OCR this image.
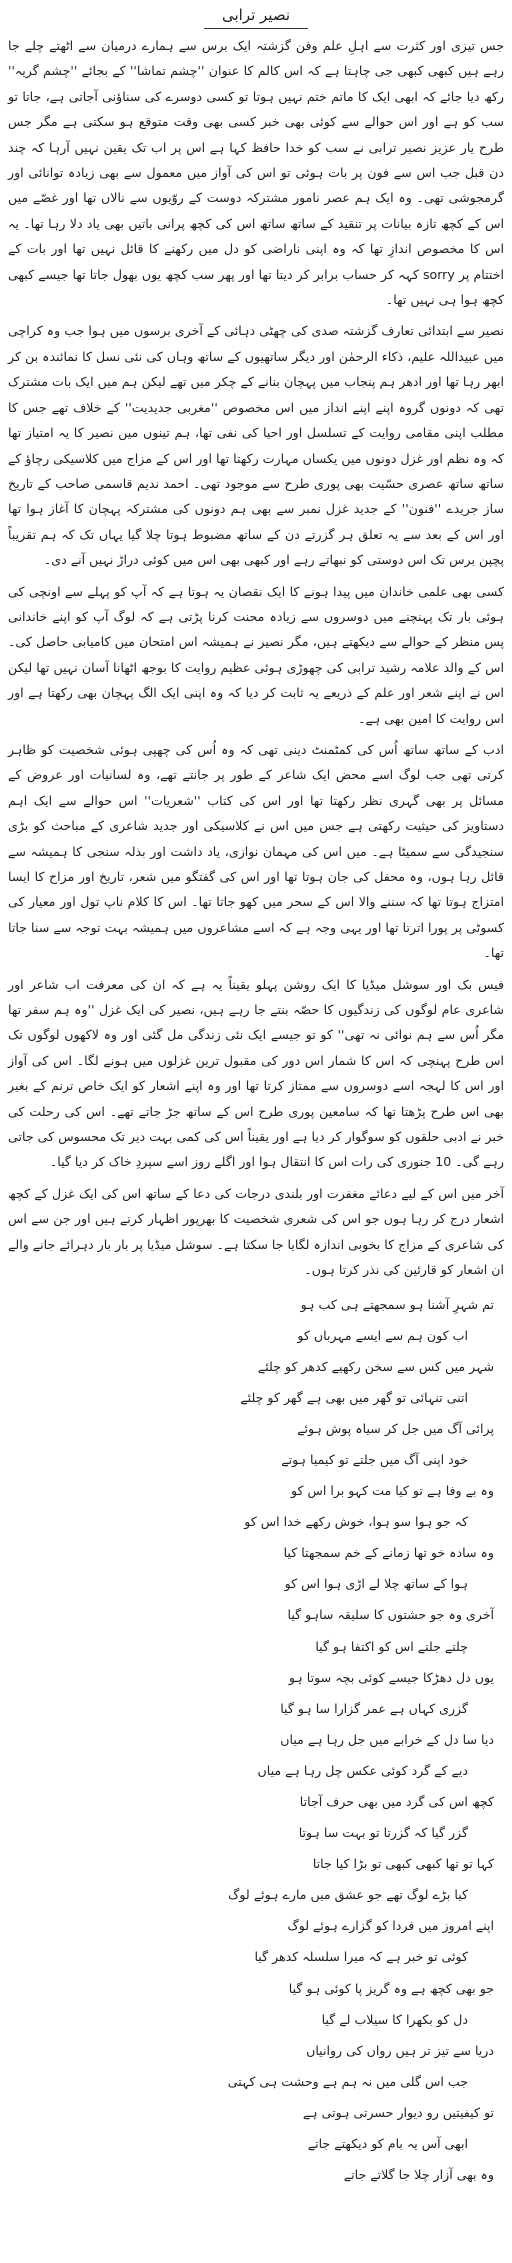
نصیر ترابی

جس تیزی اور کثرت سے اہلِ علم وفن گزشتہ ایک برس سے ہمارے درمیان سے اٹھتے چلے جا رہے ہیں کبھی کبھی جی چاہتا ہے کہ اس کالم کا عنوان ''چشم تماشا'' کے بجائے ''چشم گریہ'' رکھ دیا جائے کہ ابھی ایک کا ماتم ختم نہیں ہوتا تو کسی دوسرے کی سناؤنی آجاتی ہے، جاتا تو سب کو ہے اور اس حوالے سے کوئی بھی خبر کسی بھی وقت متوقع ہو سکتی ہے مگر جس طرح یار عزیز نصیر ترابی نے سب کو خدا حافظ کہا ہے اس پر اب تک یقین نہیں آرہا کہ چند دن قبل جب اس سے فون پر بات ہوئی تو اس کی آواز میں معمول سے بھی زیادہ توانائی اور گرمجوشی تھی۔ وہ ایک ہم عصر نامور مشترکہ دوست کے روّیوں سے نالاں تھا اور غصّے میں اس کے کچھ تازہ بیانات پر تنقید کے ساتھ ساتھ اس کی کچھ پرانی باتیں بھی یاد دلا رہا تھا۔ یہ اس کا مخصوص اندازِ تھا کہ وہ اپنی ناراضی کو دل میں رکھنے کا قائل نہیں تھا اور بات کے اختتام پر sorry کہہ کر حساب برابر کر دیتا تھا اور پھر سب کچھ یوں بھول جاتا تھا جیسے کبھی کچھ ہوا ہی نہیں تھا۔

نصیر سے ابتدائی تعارف گزشتہ صدی کی چھٹی دہائی کے آخری برسوں میں ہوا جب وہ کراچی میں عبیداللہ علیم، ذکاء الرحمٰن اور دیگر ساتھیوں کے ساتھ وہاں کی نئی نسل کا نمائندہ بن کر ابھر رہا تھا اور ادھر ہم پنجاب میں پہچان بنانے کے چکر میں تھے لیکن ہم میں ایک بات مشترک تھی کہ دونوں گروہ اپنے اپنے انداز میں اس مخصوص ''مغربی جدیدیت'' کے خلاف تھے جس کا مطلب اپنی مقامی روایت کے تسلسل اور احیا کی نفی تھا، ہم تینوں میں نصیر کا یہ امتیاز تھا کہ وہ نظم اور غزل دونوں میں یکساں مہارت رکھتا تھا اور اس کے مزاج میں کلاسیکی رچاؤ کے ساتھ ساتھ عصری حسّیت بھی پوری طرح سے موجود تھی۔ احمد ندیم قاسمی صاحب کے تاریخ ساز جریدے ''فنون'' کے جدید غزل نمبر سے بھی ہم دونوں کی مشترکہ پہچان کا آغاز ہوا تھا اور اس کے بعد سے یہ تعلق ہر گزرتے دن کے ساتھ مضبوط ہوتا چلا گیا یہاں تک کہ ہم تقریباً پچپن برس تک اس دوستی کو نبھاتے رہے اور کبھی بھی اس میں کوئی دراڑ نہیں آنے دی۔

کسی بھی علمی خاندان میں پیدا ہونے کا ایک نقصان یہ ہوتا ہے کہ آپ کو پہلے سے اونچی کی ہوئی بار تک پہنچنے میں دوسروں سے زیادہ محنت کرنا پڑتی ہے کہ لوگ آپ کو اپنے خاندانی پس منظر کے حوالے سے دیکھتے ہیں، مگر نصیر نے ہمیشہ اس امتحان میں کامیابی حاصل کی۔ اس کے والد علامہ رشید ترابی کی چھوڑی ہوئی عظیم روایت کا بوجھ اٹھانا آسان نہیں تھا لیکن اس نے اپنے شعر اور علم کے ذریعے یہ ثابت کر دیا کہ وہ اپنی ایک الگ پہچان بھی رکھتا ہے اور اس روایت کا امین بھی ہے۔

ادب کے ساتھ ساتھ اُس کی کمٹمنٹ دینی تھی کہ وہ اُس کی چھپی ہوئی شخصیت کو ظاہر کرتی تھی جب لوگ اسے محض ایک شاعر کے طور پر جانتے تھے، وہ لسانیات اور عروض کے مسائل پر بھی گہری نظر رکھتا تھا اور اس کی کتاب ''شعریات'' اس حوالے سے ایک اہم دستاویز کی حیثیت رکھتی ہے جس میں اس نے کلاسیکی اور جدید شاعری کے مباحث کو بڑی سنجیدگی سے سمیٹا ہے۔ میں اس کی مہمان نوازی، یاد داشت اور بذلہ سنجی کا ہمیشہ سے قائل رہا ہوں، وہ محفل کی جان ہوتا تھا اور اس کی گفتگو میں شعر، تاریخ اور مزاح کا ایسا امتزاج ہوتا تھا کہ سننے والا اس کے سحر میں کھو جاتا تھا۔ اس کا کلام ناپ تول اور معیار کی کسوٹی پر پورا اترتا تھا اور یہی وجہ ہے کہ اسے مشاعروں میں ہمیشہ بہت توجہ سے سنا جاتا تھا۔

فیس بک اور سوشل میڈیا کا ایک روشن پہلو یقیناً یہ ہے کہ ان کی معرفت اب شاعر اور شاعری عام لوگوں کی زندگیوں کا حصّہ بنتے جا رہے ہیں، نصیر کی ایک غزل ''وہ ہم سفر تھا مگر اُس سے ہم نوائی نہ تھی'' کو تو جیسے ایک نئی زندگی مل گئی اور وہ لاکھوں لوگوں تک اس طرح پہنچی کہ اس کا شمار اس دور کی مقبول ترین غزلوں میں ہونے لگا۔ اس کی آواز اور اس کا لہجہ اسے دوسروں سے ممتاز کرتا تھا اور وہ اپنے اشعار کو ایک خاص ترنم کے بغیر بھی اس طرح پڑھتا تھا کہ سامعین پوری طرح اس کے ساتھ جڑ جاتے تھے۔ اس کی رحلت کی خبر نے ادبی حلقوں کو سوگوار کر دیا ہے اور یقیناً اس کی کمی بہت دیر تک محسوس کی جاتی رہے گی۔ 10 جنوری کی رات اس کا انتقال ہوا اور اگلے روز اسے سپردِ خاک کر دیا گیا۔

آخر میں اس کے لیے دعائے مغفرت اور بلندی درجات کی دعا کے ساتھ اس کی ایک غزل کے کچھ اشعار درج کر رہا ہوں جو اس کی شعری شخصیت کا بھرپور اظہار کرتے ہیں اور جن سے اس کی شاعری کے مزاج کا بخوبی اندازہ لگایا جا سکتا ہے۔ سوشل میڈیا پر بار بار دہرائے جانے والے ان اشعار کو قارئین کی نذر کرتا ہوں۔

تم شہرِ آشنا ہو سمجھتے ہی کب ہو
اب کون ہم سے ایسے مہرباں کو
شہر میں کس سے سخن رکھیے کدھر کو چلئے
اتنی تنہائی تو گھر میں بھی ہے گھر کو چلئے
پرائی آگ میں جل کر سیاہ پوش ہوئے
خود اپنی آگ میں جلتے تو کیمیا ہوتے
وہ بے وفا ہے تو کیا مت کہو برا اس کو
کہ جو ہوا سو ہوا، خوش رکھے خدا اس کو
وہ سادہ خو تھا زمانے کے خم سمجھتا کیا
ہوا کے ساتھ چلا لے اڑی ہوا اس کو
آخری وہ جو حشتوں کا سلیقہ ساہو گیا
چلتے جلتے اس کو اکتفا ہو گیا
یوں دل دھڑکا جیسے کوئی بچہ سوتا ہو
گزری کہاں ہے عمر گزارا سا ہو گیا
دیا سا دل کے خرابے میں جل رہا ہے میاں
دیے کے گرد کوئی عکس چل رہا ہے میاں
کچھ اس کی گرد میں بھی حرف آجاتا
گزر گیا کہ گزرتا تو بہت سا ہوتا
کہا تو تھا کبھی کبھی تو بڑا کیا جاتا
کیا بڑے لوگ تھے جو عشق میں مارے ہوئے لوگ
اپنے امروز میں فردا کو گزارے ہوئے لوگ
کوئی تو خبر ہے کہ میرا سلسلہ کدھر گیا
جو بھی کچھ ہے وہ گریز پا کوئی ہو گیا
دل کو بکھرا کا سیلاب لے گیا
دریا سے تیز تر ہیں رواں کی روانیاں
جب اس گلی میں نہ ہم ہے وحشت ہی کہتی
تو کیفیتیں رو دیوار حسرتی ہوتی ہے
ابھی آس یہ بام کو دیکھتے جاتے
وہ بھی آزار چلا جا گلاتے جاتے
